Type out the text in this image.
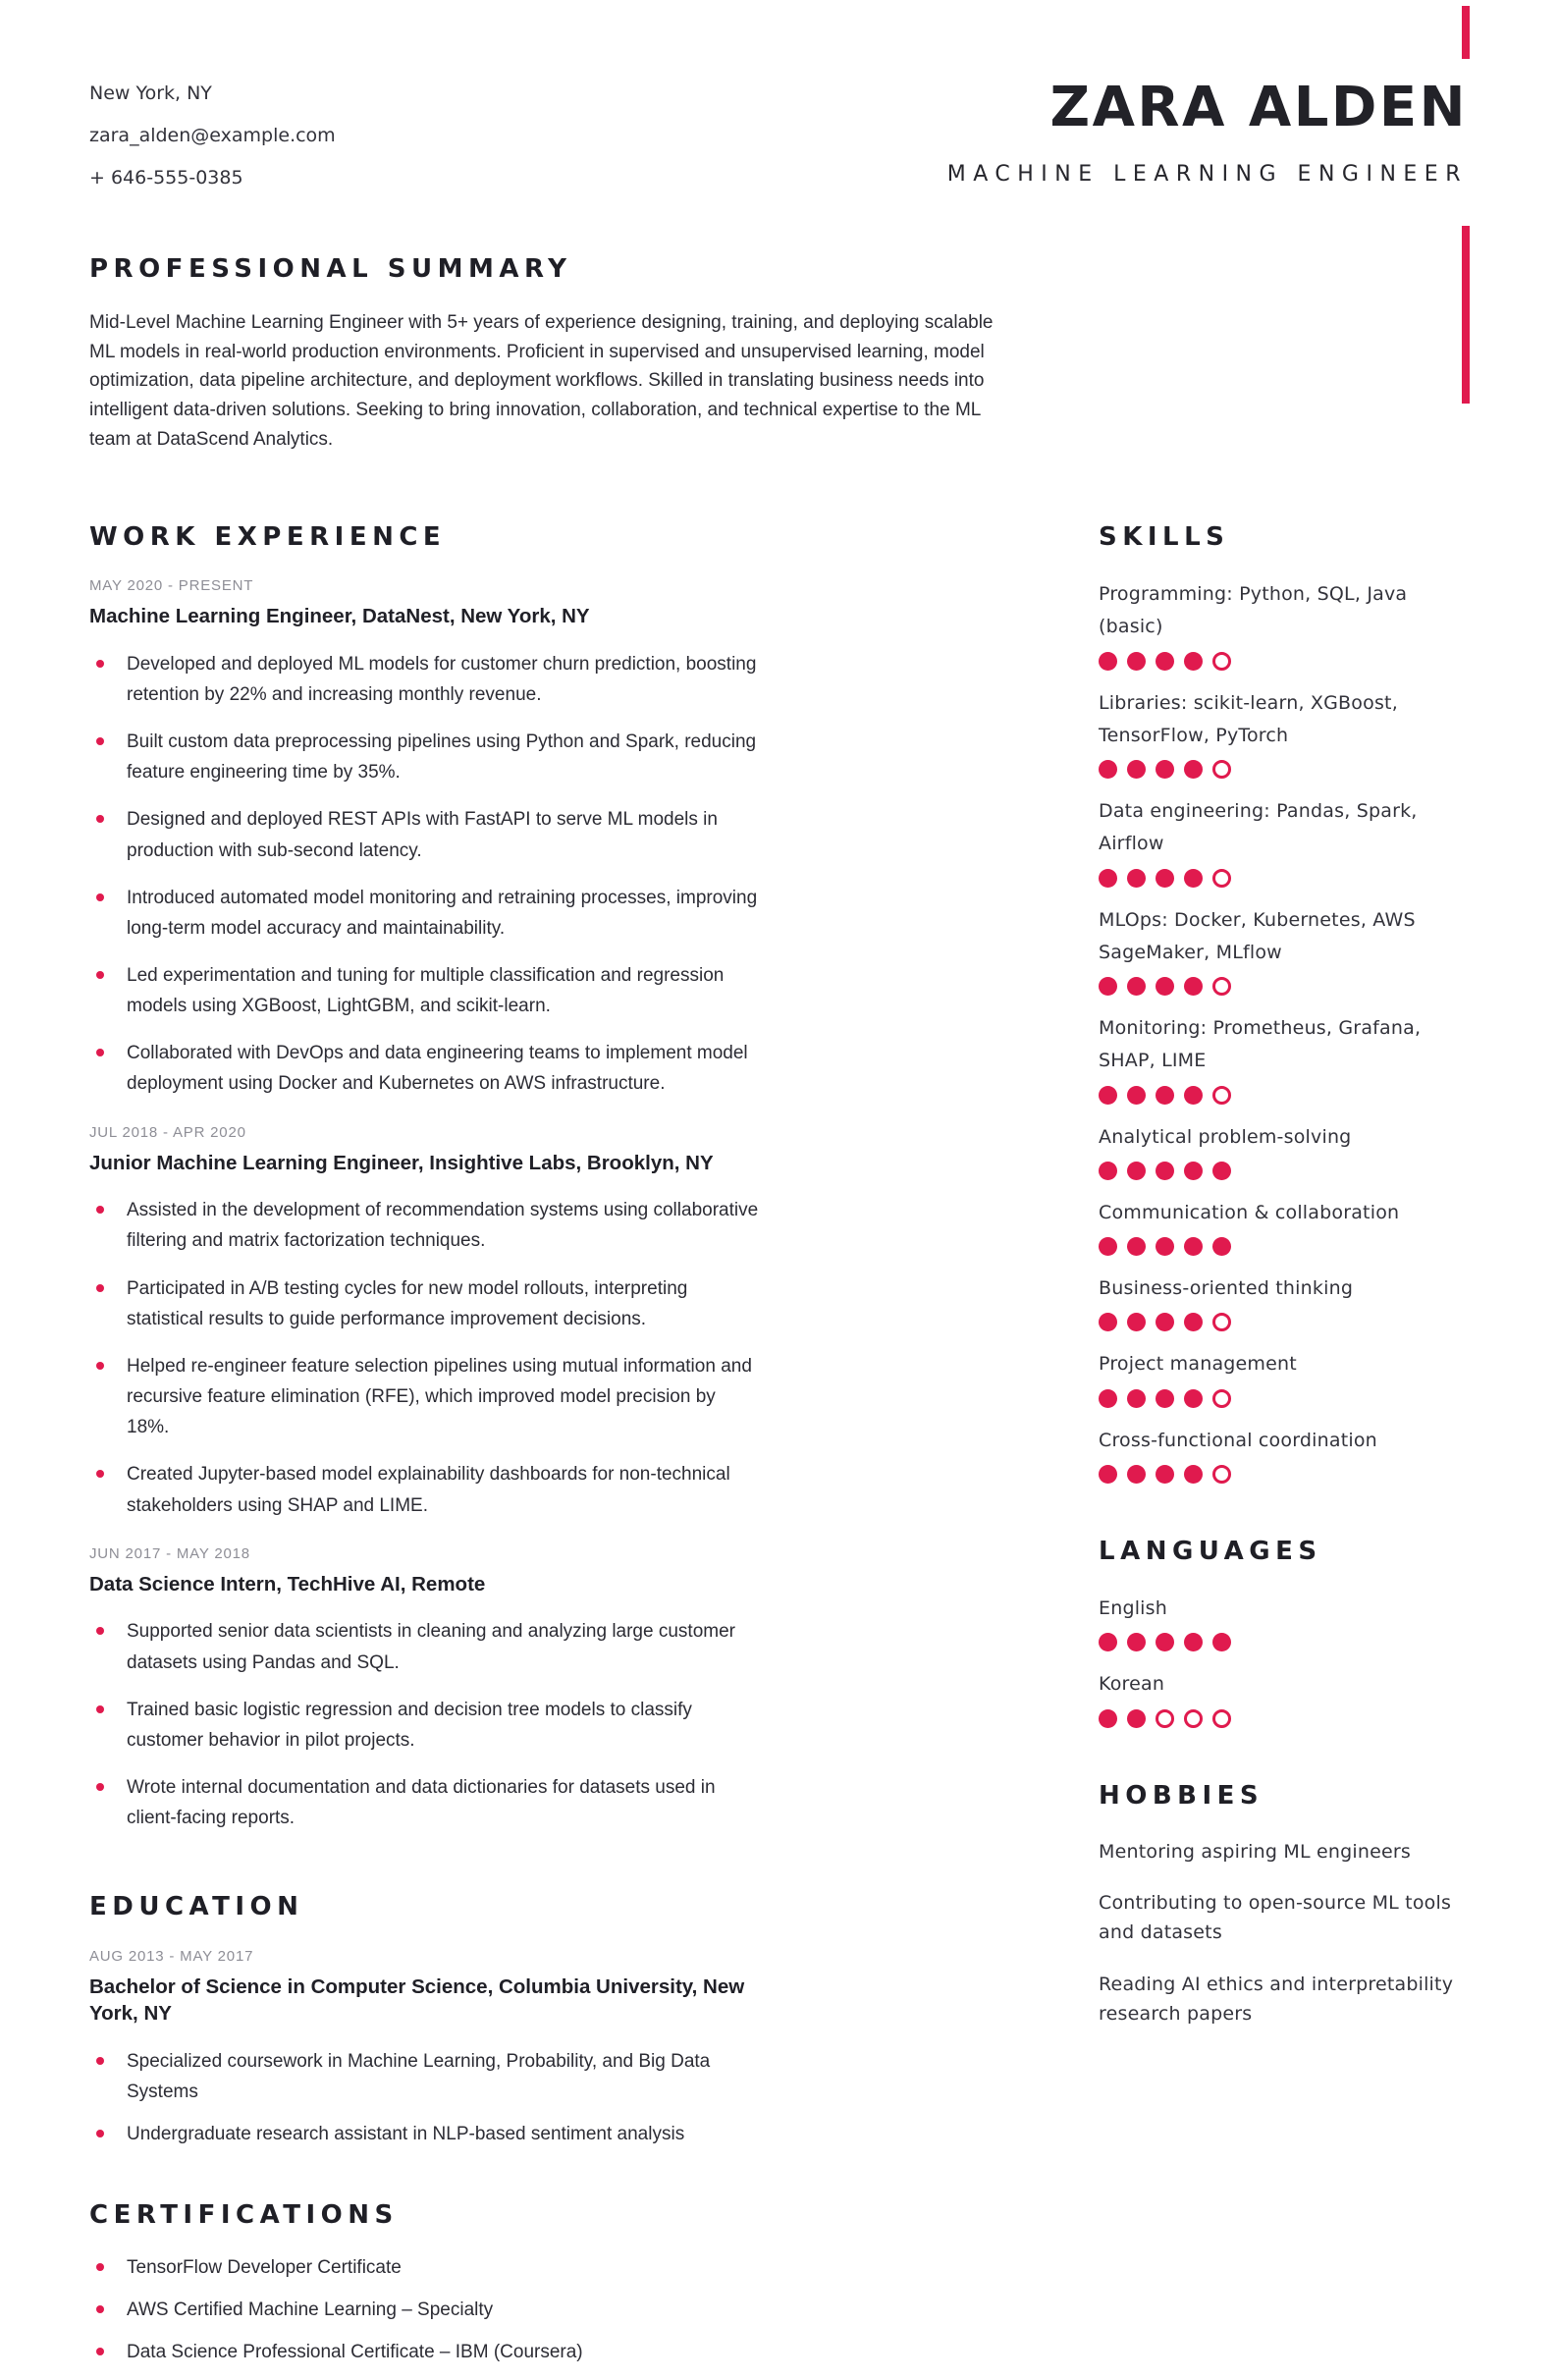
New York, NY
zara_alden@example.com
+ 646-555-0385
ZARA ALDEN
MACHINE LEARNING ENGINEER
PROFESSIONAL SUMMARY

Mid-Level Machine Learning Engineer with 5+ years of experience designing, training, and deploying scalable ML models in real-world production environments. Proficient in supervised and unsupervised learning, model optimization, data pipeline architecture, and deployment workflows. Skilled in translating business needs into intelligent data-driven solutions. Seeking to bring innovation, collaboration, and technical expertise to the ML team at DataScend Analytics.

WORK EXPERIENCE
MAY 2020 - PRESENT
Machine Learning Engineer, DataNest, New York, NY
Developed and deployed ML models for customer churn prediction, boosting retention by 22% and increasing monthly revenue.
Built custom data preprocessing pipelines using Python and Spark, reducing feature engineering time by 35%.
Designed and deployed REST APIs with FastAPI to serve ML models in production with sub-second latency.
Introduced automated model monitoring and retraining processes, improving long-term model accuracy and maintainability.
Led experimentation and tuning for multiple classification and regression models using XGBoost, LightGBM, and scikit-learn.
Collaborated with DevOps and data engineering teams to implement model deployment using Docker and Kubernetes on AWS infrastructure.
JUL 2018 - APR 2020
Junior Machine Learning Engineer, Insightive Labs, Brooklyn, NY
Assisted in the development of recommendation systems using collaborative filtering and matrix factorization techniques.
Participated in A/B testing cycles for new model rollouts, interpreting statistical results to guide performance improvement decisions.
Helped re-engineer feature selection pipelines using mutual information and recursive feature elimination (RFE), which improved model precision by 18%.
Created Jupyter-based model explainability dashboards for non-technical stakeholders using SHAP and LIME.
JUN 2017 - MAY 2018
Data Science Intern, TechHive AI, Remote
Supported senior data scientists in cleaning and analyzing large customer datasets using Pandas and SQL.
Trained basic logistic regression and decision tree models to classify customer behavior in pilot projects.
Wrote internal documentation and data dictionaries for datasets used in client-facing reports.
EDUCATION
AUG 2013 - MAY 2017
Bachelor of Science in Computer Science, Columbia University, New York, NY
Specialized coursework in Machine Learning, Probability, and Big Data Systems
Undergraduate research assistant in NLP-based sentiment analysis
CERTIFICATIONS
TensorFlow Developer Certificate
AWS Certified Machine Learning – Specialty
Data Science Professional Certificate – IBM (Coursera)
SKILLS
Programming: Python, SQL, Java (basic)
Libraries: scikit-learn, XGBoost, TensorFlow, PyTorch
Data engineering: Pandas, Spark, Airflow
MLOps: Docker, Kubernetes, AWS SageMaker, MLflow
Monitoring: Prometheus, Grafana, SHAP, LIME
Analytical problem-solving
Communication & collaboration
Business-oriented thinking
Project management
Cross-functional coordination
LANGUAGES
English
Korean
HOBBIES

Mentoring aspiring ML engineers

Contributing to open-source ML tools and datasets

Reading AI ethics and interpretability research papers
